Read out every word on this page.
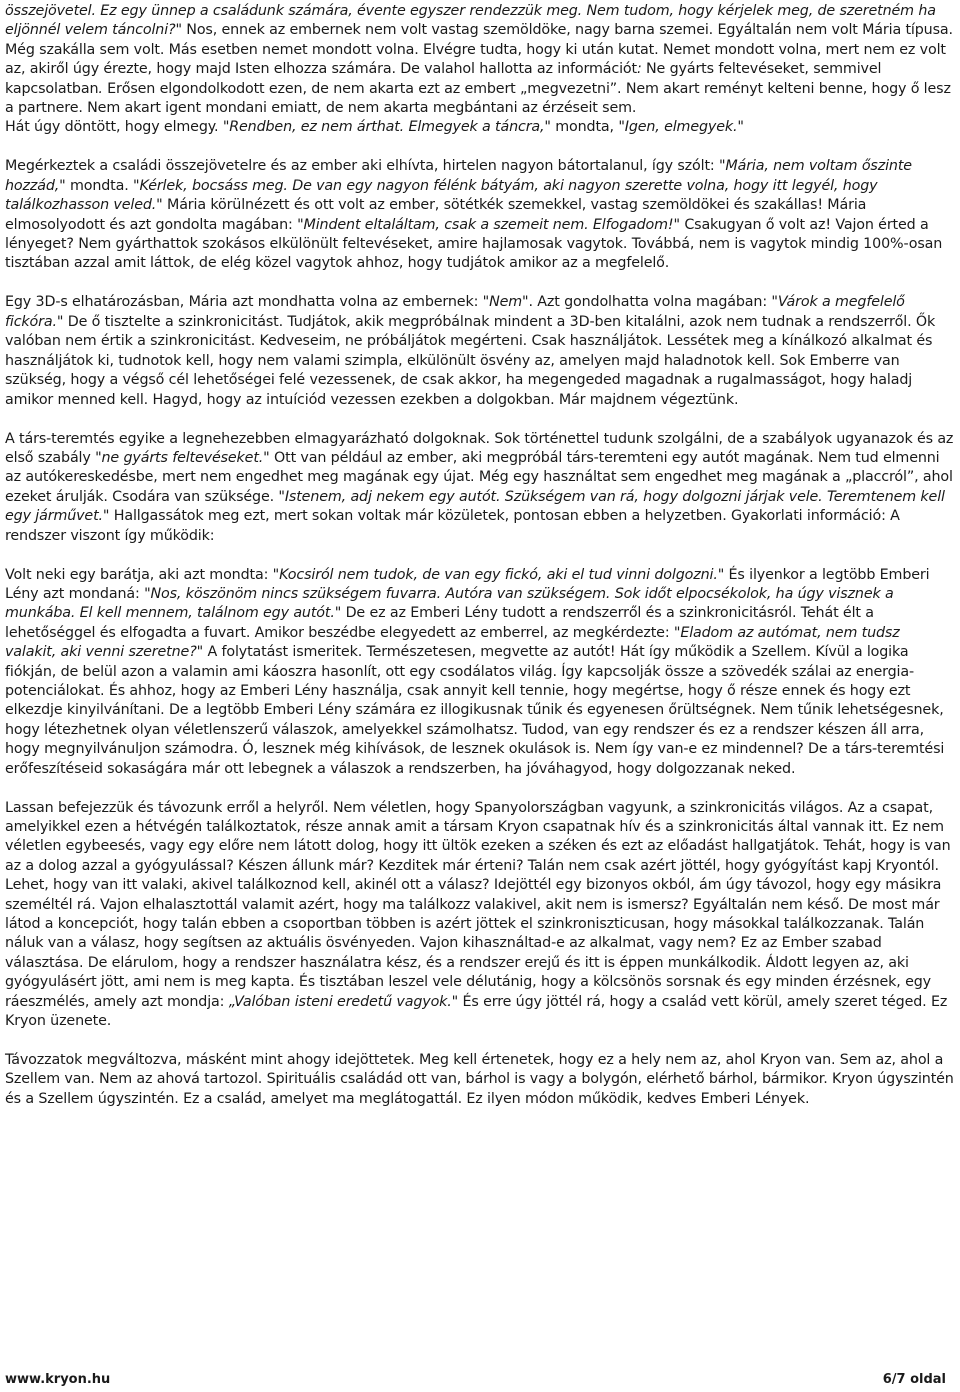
összejövetel. Ez egy ünnep a családunk számára, évente egyszer rendezzük meg. Nem tudom, hogy kérjelek meg, de szeretném ha eljönnél velem táncolni?" Nos, ennek az embernek nem volt vastag szemöldöke, nagy barna szemei. Egyáltalán nem volt Mária típusa. Még szakálla sem volt. Más esetben nemet mondott volna. Elvégre tudta, hogy ki után kutat. Nemet mondott volna, mert nem ez volt az, akiről úgy érezte, hogy majd Isten elhozza számára. De valahol hallotta az információt: Ne gyárts feltevéseket, semmivel kapcsolatban. Erősen elgondolkodott ezen, de nem akarta ezt az embert „megvezetni”. Nem akart reményt kelteni benne, hogy ő lesz a partnere. Nem akart igent mondani emiatt, de nem akarta megbántani az érzéseit sem.

Hát úgy döntött, hogy elmegy. "Rendben, ez nem árthat. Elmegyek a táncra," mondta, "Igen, elmegyek."

Megérkeztek a családi összejövetelre és az ember aki elhívta, hirtelen nagyon bátortalanul, így szólt: "Mária, nem voltam őszinte hozzád," mondta. "Kérlek, bocsáss meg. De van egy nagyon félénk bátyám, aki nagyon szerette volna, hogy itt legyél, hogy találkozhasson veled." Mária körülnézett és ott volt az ember, sötétkék szemekkel, vastag szemöldökei és szakállas! Mária elmosolyodott és azt gondolta magában: "Mindent eltaláltam, csak a szemeit nem. Elfogadom!" Csakugyan ő volt az! Vajon érted a lényeget? Nem gyárthattok szokásos elkülönült feltevéseket, amire hajlamosak vagytok. Továbbá, nem is vagytok mindig 100%-osan tisztában azzal amit láttok, de elég közel vagytok ahhoz, hogy tudjátok amikor az a megfelelő.

Egy 3D-s elhatározásban, Mária azt mondhatta volna az embernek: "Nem". Azt gondolhatta volna magában: "Várok a megfelelő fickóra." De ő tisztelte a szinkronicitást. Tudjátok, akik megpróbálnak mindent a 3D-ben kitalálni, azok nem tudnak a rendszerről. Ők valóban nem értik a szinkronicitást. Kedveseim, ne próbáljátok megérteni. Csak használjátok. Lessétek meg a kínálkozó alkalmat és használjátok ki, tudnotok kell, hogy nem valami szimpla, elkülönült ösvény az, amelyen majd haladnotok kell. Sok Emberre van szükség, hogy a végső cél lehetőségei felé vezessenek, de csak akkor, ha megengeded magadnak a rugalmasságot, hogy haladj amikor menned kell. Hagyd, hogy az intuíciód vezessen ezekben a dolgokban. Már majdnem végeztünk.

A társ-teremtés egyike a legnehezebben elmagyarázható dolgoknak. Sok történettel tudunk szolgálni, de a szabályok ugyanazok és az első szabály "ne gyárts feltevéseket." Ott van például az ember, aki megpróbál társ-teremteni egy autót magának. Nem tud elmenni az autókereskedésbe, mert nem engedhet meg magának egy újat. Még egy használtat sem engedhet meg magának a „placcról”, ahol ezeket árulják. Csodára van szüksége. "Istenem, adj nekem egy autót. Szükségem van rá, hogy dolgozni járjak vele. Teremtenem kell egy járművet." Hallgassátok meg ezt, mert sokan voltak már közületek, pontosan ebben a helyzetben. Gyakorlati információ: A rendszer viszont így működik:

Volt neki egy barátja, aki azt mondta: "Kocsiról nem tudok, de van egy fickó, aki el tud vinni dolgozni." És ilyenkor a legtöbb Emberi Lény azt mondaná: "Nos, köszönöm nincs szükségem fuvarra. Autóra van szükségem. Sok időt elpocsékolok, ha úgy visznek a munkába. El kell mennem, találnom egy autót." De ez az Emberi Lény tudott a rendszerről és a szinkronicitásról. Tehát élt a lehetőséggel és elfogadta a fuvart. Amikor beszédbe elegyedett az emberrel, az megkérdezte: "Eladom az autómat, nem tudsz valakit, aki venni szeretne?" A folytatást ismeritek. Természetesen, megvette az autót! Hát így működik a Szellem. Kívül a logika fiókján, de belül azon a valamin ami káoszra hasonlít, ott egy csodálatos világ. Így kapcsolják össze a szövedék szálai az energia-potenciálokat. És ahhoz, hogy az Emberi Lény használja, csak annyit kell tennie, hogy megértse, hogy ő része ennek és hogy ezt elkezdje kinyilvánítani. De a legtöbb Emberi Lény számára ez illogikusnak tűnik és egyenesen őrültségnek. Nem tűnik lehetségesnek, hogy létezhetnek olyan véletlenszerű válaszok, amelyekkel számolhatsz. Tudod, van egy rendszer és ez a rendszer készen áll arra, hogy megnyilvánuljon számodra. Ó, lesznek még kihívások, de lesznek okulások is. Nem így van-e ez mindennel? De a társ-teremtési erőfeszítéseid sokaságára már ott lebegnek a válaszok a rendszerben, ha jóváhagyod, hogy dolgozzanak neked.

Lassan befejezzük és távozunk erről a helyről. Nem véletlen, hogy Spanyolországban vagyunk, a szinkronicitás világos. Az a csapat, amelyikkel ezen a hétvégén találkoztatok, része annak amit a társam Kryon csapatnak hív és a szinkronicitás által vannak itt. Ez nem véletlen egybeesés, vagy egy előre nem látott dolog, hogy itt ültök ezeken a széken és ezt az előadást hallgatjátok. Tehát, hogy is van az a dolog azzal a gyógyulással? Készen állunk már? Kezditek már érteni? Talán nem csak azért jöttél, hogy gyógyítást kapj Kryontól. Lehet, hogy van itt valaki, akivel találkoznod kell, akinél ott a válasz? Idejöttél egy bizonyos okból, ám úgy távozol, hogy egy másikra személtél rá. Vajon elhalasztottál valamit azért, hogy ma találkozz valakivel, akit nem is ismersz? Egyáltalán nem késő. De most már látod a koncepciót, hogy talán ebben a csoportban többen is azért jöttek el szinkroniszticusan, hogy másokkal találkozzanak. Talán náluk van a válasz, hogy segítsen az aktuális ösvényeden. Vajon kihasználtad-e az alkalmat, vagy nem? Ez az Ember szabad választása. De elárulom, hogy a rendszer használatra kész, és a rendszer erejű és itt is éppen munkálkodik. Áldott legyen az, aki gyógyulásért jött, ami nem is meg kapta. És tisztában leszel vele délutánig, hogy a kölcsönös sorsnak és egy minden érzésnek, egy ráeszmélés, amely azt mondja: „Valóban isteni eredetű vagyok." És erre úgy jöttél rá, hogy a család vett körül, amely szeret téged. Ez Kryon üzenete.

Távozzatok megváltozva, másként mint ahogy idejöttetek. Meg kell értenetek, hogy ez a hely nem az, ahol Kryon van. Sem az, ahol a Szellem van. Nem az ahová tartozol. Spirituális családád ott van, bárhol is vagy a bolygón, elérhető bárhol, bármikor. Kryon úgyszintén és a Szellem úgyszintén. Ez a család, amelyet ma meglátogattál. Ez ilyen módon működik, kedves Emberi Lények.

www.kryon.hu	6/7 oldal
